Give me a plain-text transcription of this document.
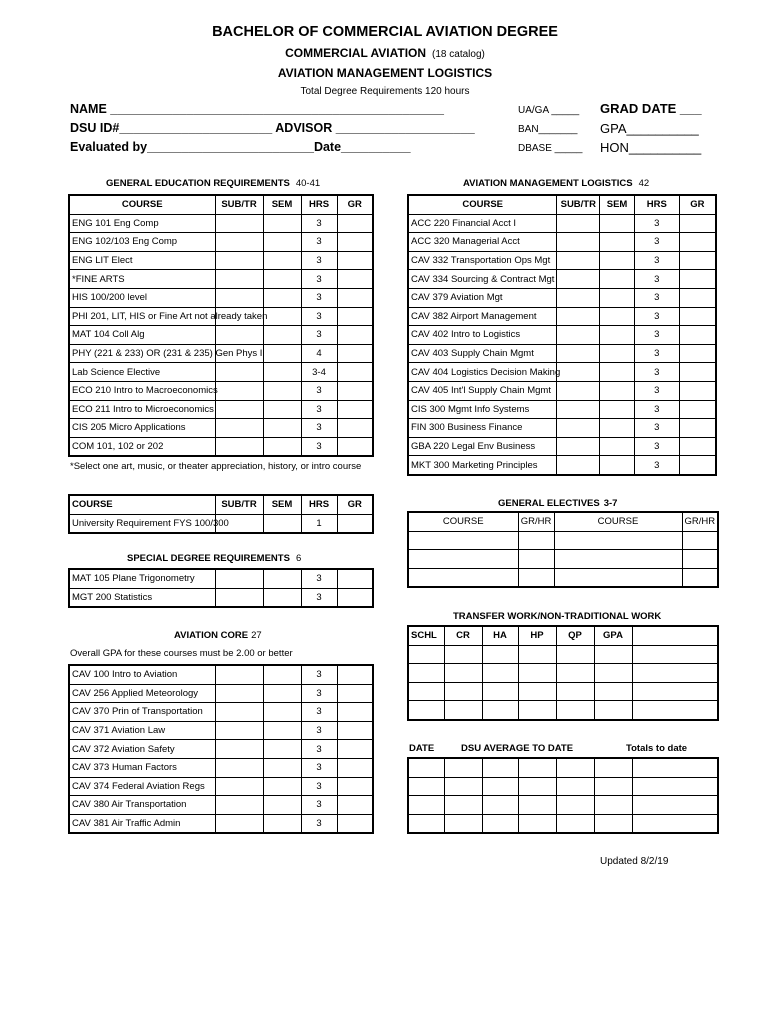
BACHELOR OF COMMERCIAL AVIATION DEGREE
COMMERCIAL AVIATION (18 catalog)
AVIATION MANAGEMENT LOGISTICS
Total Degree Requirements 120 hours
NAME ________________________________________________
DSU ID#______________________ ADVISOR ____________________
Evaluated by________________________Date__________
UA/GA _____
BAN_______
DBASE _____
GRAD DATE ___
GPA__________
HON__________
GENERAL EDUCATION REQUIREMENTS 40-41
COURSE	SUB/TR	SEM	HRS	GR
ENG 101 Eng Comp			3	
ENG 102/103 Eng Comp			3	
ENG LIT Elect			3	
*FINE ARTS			3	
HIS 100/200 level			3	
PHI 201, LIT, HIS or Fine Art not already taken			3	
MAT 104 Coll Alg			3	
PHY (221 & 233) OR (231 & 235) Gen Phys I			4	
Lab Science Elective			3-4	
ECO 210 Intro to Macroeconomics			3	
ECO 211 Intro to Microeconomics			3	
CIS 205 Micro Applications			3	
COM 101, 102 or 202			3	
*Select one art, music, or theater appreciation, history, or intro course
COURSE	SUB/TR	SEM	HRS	GR
University Requirement FYS 100/300			1	
SPECIAL DEGREE REQUIREMENTS 6
MAT 105 Plane Trigonometry			3	
MGT 200 Statistics			3	
AVIATION CORE 27
Overall GPA for these courses must be 2.00 or better
CAV 100 Intro to Aviation			3	
CAV 256 Applied Meteorology			3	
CAV 370 Prin of Transportation			3	
CAV 371 Aviation Law			3	
CAV 372 Aviation Safety			3	
CAV 373 Human Factors			3	
CAV 374 Federal Aviation Regs			3	
CAV 380 Air Transportation			3	
CAV 381 Air Traffic Admin			3	
AVIATION MANAGEMENT LOGISTICS 42
COURSE	SUB/TR	SEM	HRS	GR
ACC 220 Financial Acct I			3	
ACC 320 Managerial Acct			3	
CAV 332 Transportation Ops Mgt			3	
CAV 334 Sourcing & Contract Mgt			3	
CAV 379 Aviation Mgt			3	
CAV 382 Airport Management			3	
CAV 402 Intro to Logistics			3	
CAV 403 Supply Chain Mgmt			3	
CAV 404 Logistics Decision Making			3	
CAV 405 Int'l Supply Chain Mgmt			3	
CIS 300 Mgmt Info Systems			3	
FIN 300 Business Finance			3	
GBA 220 Legal Env Business			3	
MKT 300 Marketing Principles			3	
GENERAL ELECTIVES 3-7
COURSE	GR/HR	COURSE	GR/HR

TRANSFER WORK/NON-TRADITIONAL WORK
SCHL	CR	HA	HP	QP	GPA	

DATE	DSU AVERAGE TO DATE	Totals to date

Updated 8/2/19
